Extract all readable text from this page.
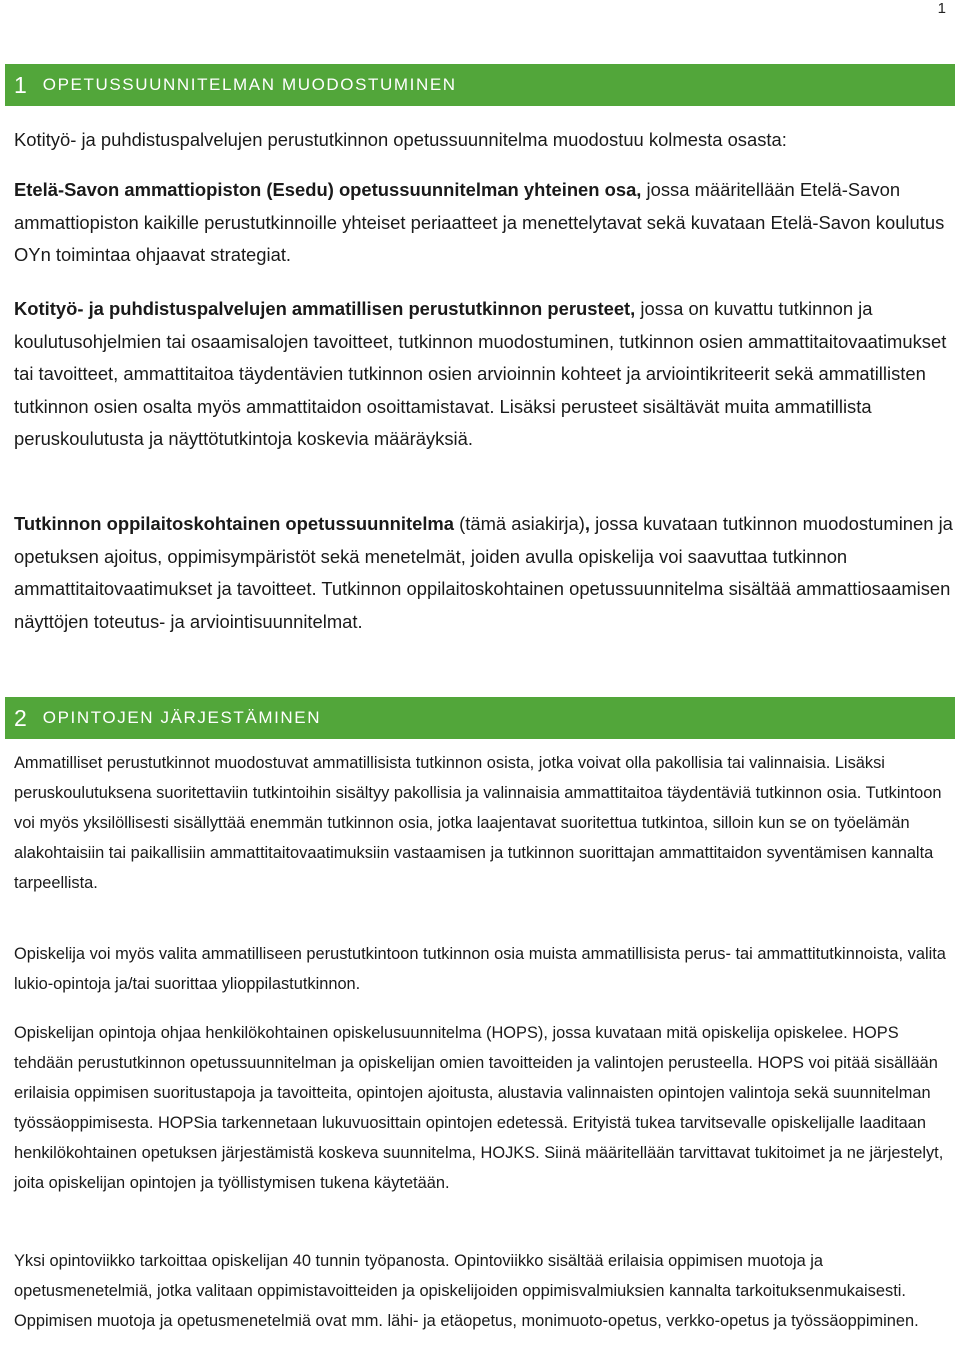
1
1 OPETUSSUUNNITELMAN MUODOSTUMINEN

Kotityö- ja puhdistuspalvelujen perustutkinnon opetussuunnitelma muodostuu kolmesta osasta:

Etelä-Savon ammattiopiston (Esedu) opetussuunnitelman yhteinen osa, jossa määritellään Etelä-Savon ammattiopiston kaikille perustutkinnoille yhteiset periaatteet ja menettelytavat sekä kuvataan Etelä-Savon koulutus OYn toimintaa ohjaavat strategiat.

Kotityö- ja puhdistuspalvelujen ammatillisen perustutkinnon perusteet, jossa on kuvattu tutkinnon ja koulutusohjelmien tai osaamisalojen tavoitteet, tutkinnon muodostuminen, tutkinnon osien ammattitaitovaatimukset tai tavoitteet, ammattitaitoa täydentävien tutkinnon osien arvioinnin kohteet ja arviointikriteerit sekä ammatillisten tutkinnon osien osalta myös ammattitaidon osoittamistavat. Lisäksi perusteet sisältävät muita ammatillista peruskoulutusta ja näyttötutkintoja koskevia määräyksiä.

Tutkinnon oppilaitoskohtainen opetussuunnitelma (tämä asiakirja), jossa kuvataan tutkinnon muodostuminen ja opetuksen ajoitus, oppimisympäristöt sekä menetelmät, joiden avulla opiskelija voi saavuttaa tutkinnon ammattitaitovaatimukset ja tavoitteet. Tutkinnon oppilaitoskohtainen opetussuunnitelma sisältää ammattiosaamisen näyttöjen toteutus- ja arviointisuunnitelmat.

2 OPINTOJEN JÄRJESTÄMINEN

Ammatilliset perustutkinnot muodostuvat ammatillisista tutkinnon osista, jotka voivat olla pakollisia tai valinnaisia. Lisäksi peruskoulutuksena suoritettaviin tutkintoihin sisältyy pakollisia ja valinnaisia ammattitaitoa täydentäviä tutkinnon osia. Tutkintoon voi myös yksilöllisesti sisällyttää enemmän tutkinnon osia, jotka laajentavat suoritettua tutkintoa, silloin kun se on työelämän alakohtaisiin tai paikallisiin ammattitaitovaatimuksiin vastaamisen ja tutkinnon suorittajan ammattitaidon syventämisen kannalta tarpeellista.

Opiskelija voi myös valita ammatilliseen perustutkintoon tutkinnon osia muista ammatillisista perus- tai ammattitutkinnoista, valita lukio-opintoja ja/tai suorittaa ylioppilastutkinnon.

Opiskelijan opintoja ohjaa henkilökohtainen opiskelusuunnitelma (HOPS), jossa kuvataan mitä opiskelija opiskelee. HOPS tehdään perustutkinnon opetussuunnitelman ja opiskelijan omien tavoitteiden ja valintojen perusteella. HOPS voi pitää sisällään erilaisia oppimisen suoritustapoja ja tavoitteita, opintojen ajoitusta, alustavia valinnaisten opintojen valintoja sekä suunnitelman työssäoppimisesta. HOPSia tarkennetaan lukuvuosittain opintojen edetessä. Erityistä tukea tarvitsevalle opiskelijalle laaditaan henkilökohtainen opetuksen järjestämistä koskeva suunnitelma, HOJKS. Siinä määritellään tarvittavat tukitoimet ja ne järjestelyt, joita opiskelijan opintojen ja työllistymisen tukena käytetään.

Yksi opintoviikko tarkoittaa opiskelijan 40 tunnin työpanosta. Opintoviikko sisältää erilaisia oppimisen muotoja ja opetusmenetelmiä, jotka valitaan oppimistavoitteiden ja opiskelijoiden oppimisvalmiuksien kannalta tarkoituksenmukaisesti. Oppimisen muotoja ja opetusmenetelmiä ovat mm. lähi- ja etäopetus, monimuoto-opetus, verkko-opetus ja työssäoppiminen.
